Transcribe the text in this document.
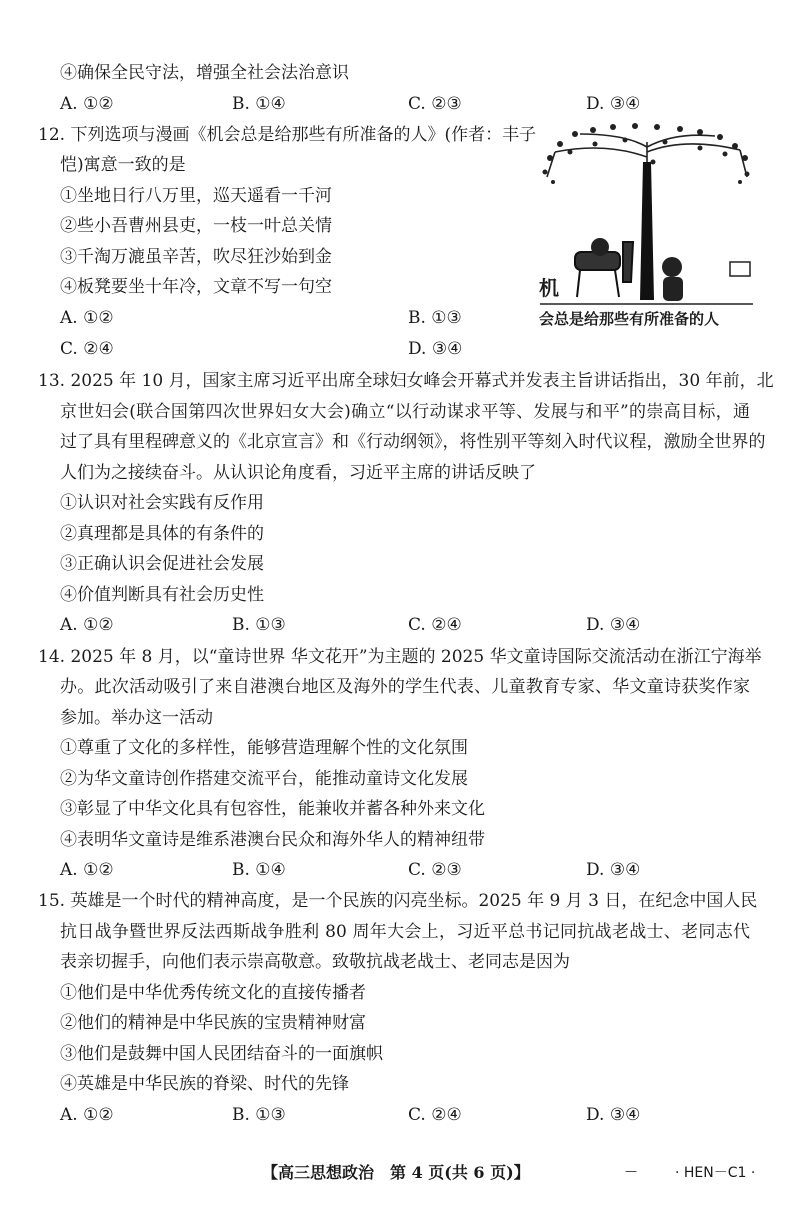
④确保全民守法，增强全社会法治意识
A. ①②	B. ①④	C. ②③	D. ③④
12. 下列选项与漫画《机会总是给那些有所准备的人》(作者：丰子
恺)寓意一致的是
①坐地日行八万里，巡天遥看一千河
②些小吾曹州县吏，一枝一叶总关情
③千淘万漉虽辛苦，吹尽狂沙始到金
④板凳要坐十年冷，文章不写一句空
A. ①②	B. ①③
C. ②④	D. ③④
机
会总是给那些有所准备的人
13. 2025 年 10 月，国家主席习近平出席全球妇女峰会开幕式并发表主旨讲话指出，30 年前，北
京世妇会(联合国第四次世界妇女大会)确立“以行动谋求平等、发展与和平”的崇高目标，通
过了具有里程碑意义的《北京宣言》和《行动纲领》，将性别平等刻入时代议程，激励全世界的
人们为之接续奋斗。从认识论角度看，习近平主席的讲话反映了
①认识对社会实践有反作用
②真理都是具体的有条件的
③正确认识会促进社会发展
④价值判断具有社会历史性
A. ①②	B. ①③	C. ②④	D. ③④
14. 2025 年 8 月，以“童诗世界 华文花开”为主题的 2025 华文童诗国际交流活动在浙江宁海举
办。此次活动吸引了来自港澳台地区及海外的学生代表、儿童教育专家、华文童诗获奖作家
参加。举办这一活动
①尊重了文化的多样性，能够营造理解个性的文化氛围
②为华文童诗创作搭建交流平台，能推动童诗文化发展
③彰显了中华文化具有包容性，能兼收并蓄各种外来文化
④表明华文童诗是维系港澳台民众和海外华人的精神纽带
A. ①②	B. ①④	C. ②③	D. ③④
15. 英雄是一个时代的精神高度，是一个民族的闪亮坐标。2025 年 9 月 3 日，在纪念中国人民
抗日战争暨世界反法西斯战争胜利 80 周年大会上，习近平总书记同抗战老战士、老同志代
表亲切握手，向他们表示崇高敬意。致敬抗战老战士、老同志是因为
①他们是中华优秀传统文化的直接传播者
②他们的精神是中华民族的宝贵精神财富
③他们是鼓舞中国人民团结奋斗的一面旗帜
④英雄是中华民族的脊梁、时代的先锋
A. ①②	B. ①③	C. ②④	D. ③④
【高三思想政治　第 4 页(共 6 页)】	—	· HEN－C1 ·
